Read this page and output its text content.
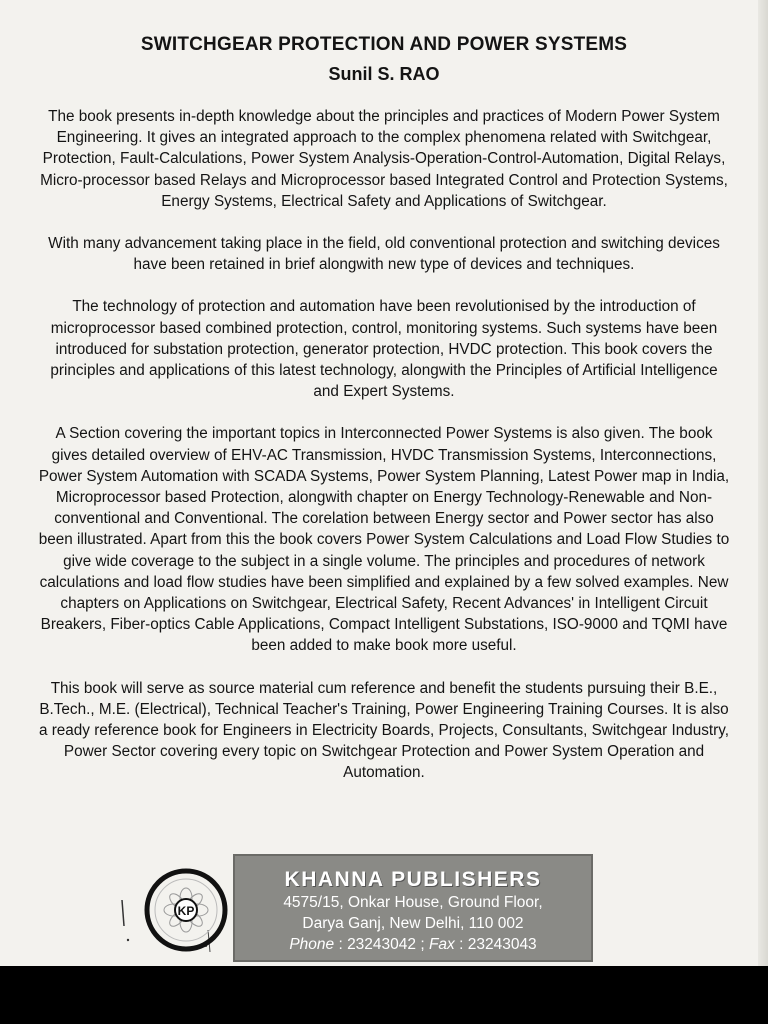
SWITCHGEAR PROTECTION AND POWER SYSTEMS
Sunil S. RAO

The book presents in-depth knowledge about the principles and practices of Modern Power System Engineering. It gives an integrated approach to the complex phenomena related with Switchgear, Protection, Fault-Calculations, Power System Analysis-Operation-Control-Automation, Digital Relays, Micro-processor based Relays and Microprocessor based Integrated Control and Protection Systems, Energy Systems, Electrical Safety and Applications of Switchgear.

With many advancement taking place in the field, old conventional protection and switching devices have been retained in brief alongwith new type of devices and techniques.

The technology of protection and automation have been revolutionised by the introduction of microprocessor based combined protection, control, monitoring systems. Such systems have been introduced for substation protection, generator protection, HVDC protection. This book covers the principles and applications of this latest technology, alongwith the Principles of Artificial Intelligence and Expert Systems.

A Section covering the important topics in Interconnected Power Systems is also given. The book gives detailed overview of EHV-AC Transmission, HVDC Transmission Systems, Interconnections, Power System Automation with SCADA Systems, Power System Planning, Latest Power map in India, Microprocessor based Protection, alongwith chapter on Energy Technology-Renewable and Non-conventional and Conventional. The corelation between Energy sector and Power sector has also been illustrated. Apart from this the book covers Power System Calculations and Load Flow Studies to give wide coverage to the subject in a single volume. The principles and procedures of network calculations and load flow studies have been simplified and explained by a few solved examples. New chapters on Applications on Switchgear, Electrical Safety, Recent Advances' in Intelligent Circuit Breakers, Fiber-optics Cable Applications, Compact Intelligent Substations, ISO-9000 and TQMI have been added to make book more useful.

This book will serve as source material cum reference and benefit the students pursuing their B.E., B.Tech., M.E. (Electrical), Technical Teacher's Training, Power Engineering Training Courses. It is also a ready reference book for Engineers in Electricity Boards, Projects, Consultants, Switchgear Industry, Power Sector covering every topic on Switchgear Protection and Power System Operation and Automation.

KP
KHANNA PUBLISHERS
4575/15, Onkar House, Ground Floor,
Darya Ganj, New Delhi, 110 002
Phone : 23243042 ; Fax : 23243043
